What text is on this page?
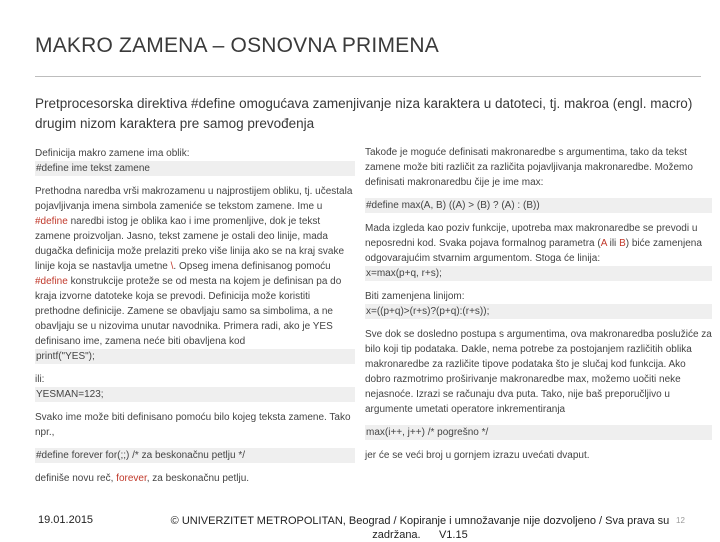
MAKRO ZAMENA – OSNOVNA PRIMENA
Pretprocesorska direktiva #define omogućava zamenjivanje niza karaktera u datoteci, tj. makroa (engl. macro) drugim nizom karaktera pre samog prevođenja

Definicija makro zamene ima oblik:

#define ime tekst zamene

Prethodna naredba vrši makrozamenu u najprostijem obliku, tj. učestala pojavljivanja imena simbola zameniće se tekstom zamene. Ime u #define naredbi istog je oblika kao i ime promenljive, dok je tekst zamene proizvoljan. Jasno, tekst zamene je ostali deo linije, mada dugačka definicija može prelaziti preko više linija ako se na kraj svake linije koja se nastavlja umetne \. Opseg imena definisanog pomoću #define konstrukcije proteže se od mesta na kojem je definisan pa do kraja izvorne datoteke koja se prevodi. Definicija može koristiti prethodne definicije. Zamene se obavljaju samo sa simbolima, a ne obavljaju se u nizovima unutar navodnika. Primera radi, ako je YES definisano ime, zamena neće biti obavljena kod

printf("YES");

ili:

YESMAN=123;

Svako ime može biti definisano pomoću bilo kojeg teksta zamene. Tako npr.,

#define forever for(;;) /* za beskonačnu petlju */

definiše novu reč, forever, za beskonačnu petlju.

Takođe je moguće definisati makronaredbe s argumentima, tako da tekst zamene može biti različit za različita pojavljivanja makronaredbe. Možemo definisati makronaredbu čije je ime max:

#define max(A, B) ((A) > (B) ? (A) : (B))

Mada izgleda kao poziv funkcije, upotreba max makronaredbe se prevodi u neposredni kod. Svaka pojava formalnog parametra (A ili B) biće zamenjena odgovarajućim stvarnim argumentom. Stoga će linija:

x=max(p+q, r+s);

Biti zamenjena linijom:

x=((p+q)>(r+s)?(p+q):(r+s));

Sve dok se dosledno postupa s argumentima, ova makronaredba poslužiće za bilo koji tip podataka. Dakle, nema potrebe za postojanjem različitih oblika makronaredbe za različite tipove podataka što je slučaj kod funkcija. Ako dobro razmotrimo proširivanje makronaredbe max, možemo uočiti neke nejasnoće. Izrazi se računaju dva puta. Tako, nije baš preporučljivo u argumente umetati operatore inkrementiranja

max(i++, j++) /* pogrešno */

jer će se veći broj u gornjem izrazu uvećati dvaput.

19.01.2015	© UNIVERZITET METROPOLITAN, Beograd / Kopiranje i umnožavanje nije dozvoljeno / Sva prava su zadržana. V1.15
12
